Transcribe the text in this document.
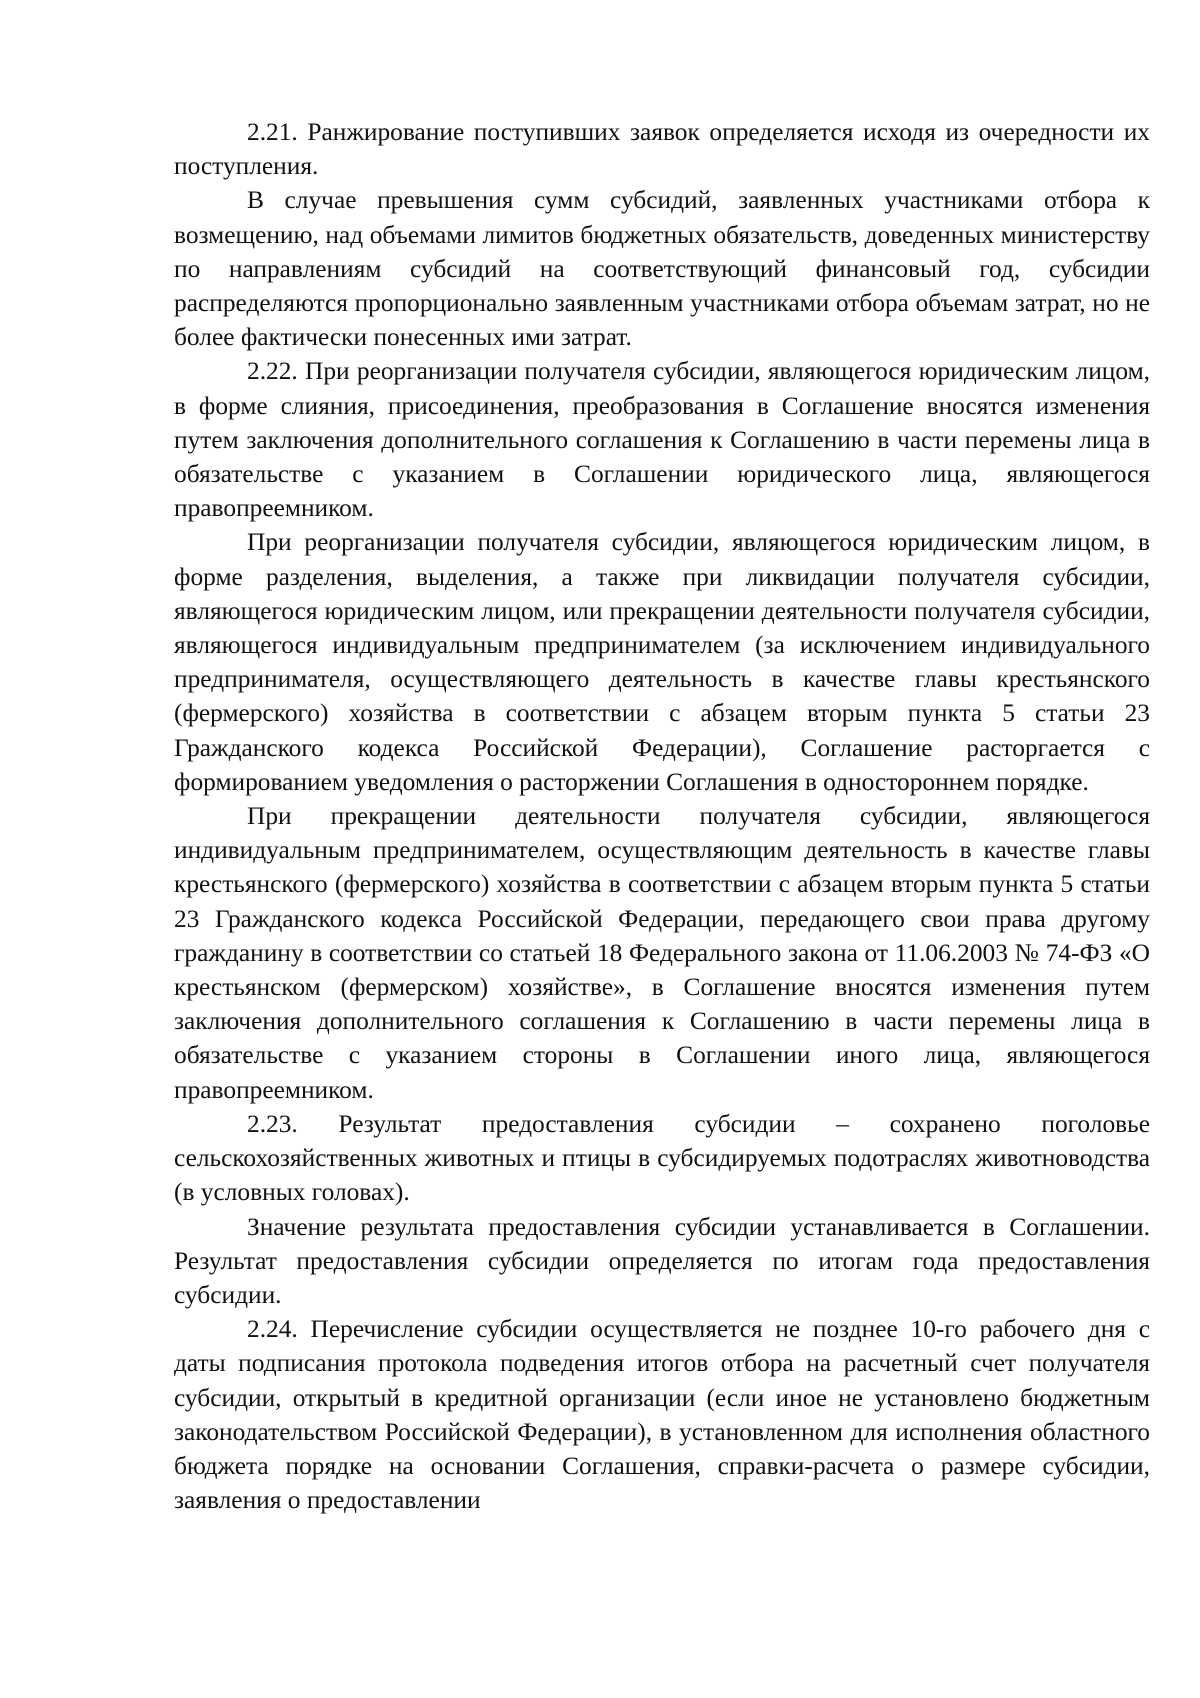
2.21. Ранжирование поступивших заявок определяется исходя из очередности их поступления.

В случае превышения сумм субсидий, заявленных участниками отбора к возмещению, над объемами лимитов бюджетных обязательств, доведенных министерству по направлениям субсидий на соответствующий финансовый год, субсидии распределяются пропорционально заявленным участниками отбора объемам затрат, но не более фактически понесенных ими затрат.

2.22. При реорганизации получателя субсидии, являющегося юридическим лицом, в форме слияния, присоединения, преобразования в Соглашение вносятся изменения путем заключения дополнительного соглашения к Соглашению в части перемены лица в обязательстве с указанием в Соглашении юридического лица, являющегося правопреемником.

При реорганизации получателя субсидии, являющегося юридическим лицом, в форме разделения, выделения, а также при ликвидации получателя субсидии, являющегося юридическим лицом, или прекращении деятельности получателя субсидии, являющегося индивидуальным предпринимателем (за исключением индивидуального предпринимателя, осуществляющего деятельность в качестве главы крестьянского (фермерского) хозяйства в соответствии с абзацем вторым пункта 5 статьи 23 Гражданского кодекса Российской Федерации), Соглашение расторгается с формированием уведомления о расторжении Соглашения в одностороннем порядке.

При прекращении деятельности получателя субсидии, являющегося индивидуальным предпринимателем, осуществляющим деятельность в качестве главы крестьянского (фермерского) хозяйства в соответствии с абзацем вторым пункта 5 статьи 23 Гражданского кодекса Российской Федерации, передающего свои права другому гражданину в соответствии со статьей 18 Федерального закона от 11.06.2003 № 74-ФЗ «О крестьянском (фермерском) хозяйстве», в Соглашение вносятся изменения путем заключения дополнительного соглашения к Соглашению в части перемены лица в обязательстве с указанием стороны в Соглашении иного лица, являющегося правопреемником.

2.23. Результат предоставления субсидии – сохранено поголовье сельскохозяйственных животных и птицы в субсидируемых подотраслях животноводства (в условных головах).

Значение результата предоставления субсидии устанавливается в Соглашении. Результат предоставления субсидии определяется по итогам года предоставления субсидии.

2.24. Перечисление субсидии осуществляется не позднее 10-го рабочего дня с даты подписания протокола подведения итогов отбора на расчетный счет получателя субсидии, открытый в кредитной организации (если иное не установлено бюджетным законодательством Российской Федерации), в установленном для исполнения областного бюджета порядке на основании Соглашения, справки-расчета о размере субсидии, заявления о предоставлении
